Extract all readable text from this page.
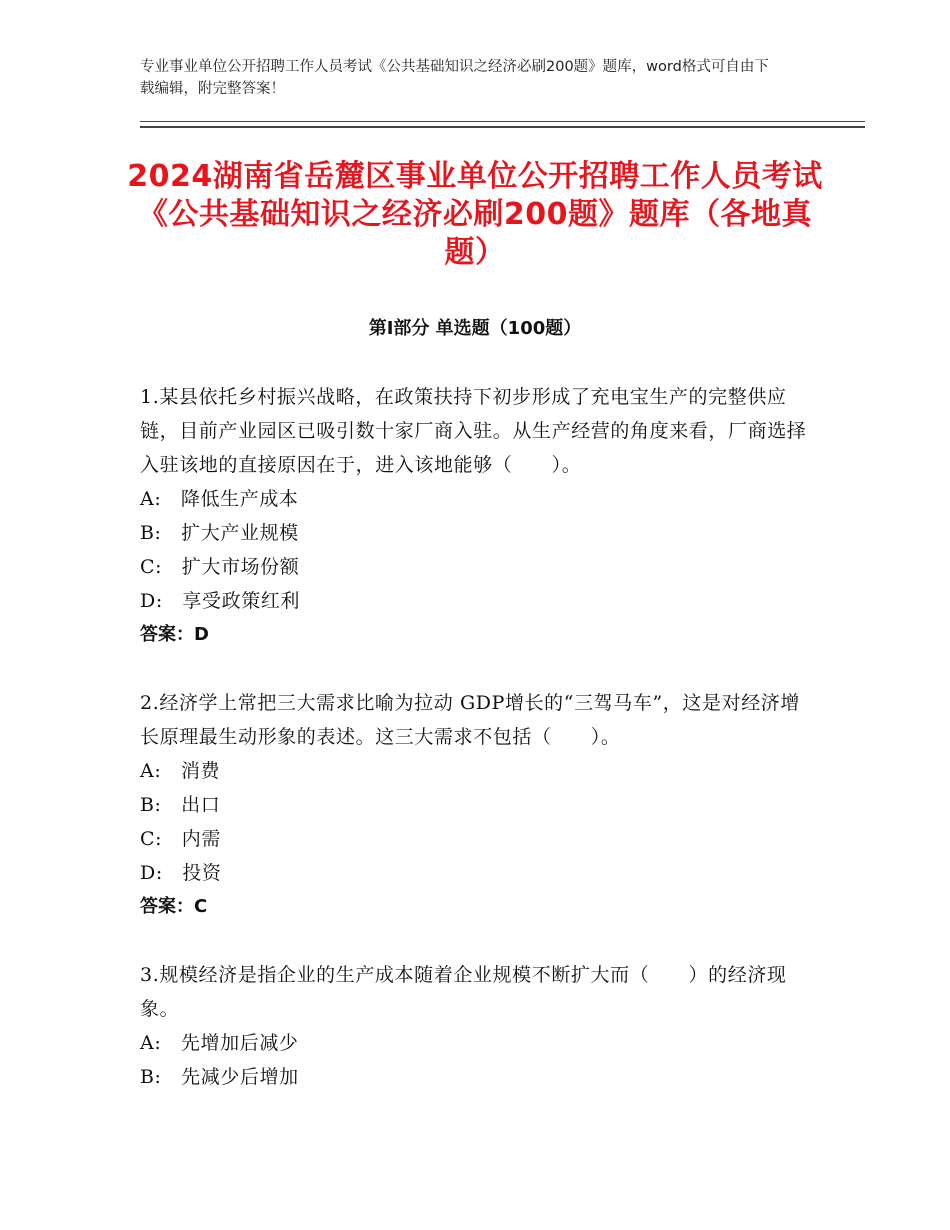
专业事业单位公开招聘工作人员考试《公共基础知识之经济必刷200题》题库，word格式可自由下载编辑，附完整答案！
2024湖南省岳麓区事业单位公开招聘工作人员考试《公共基础知识之经济必刷200题》题库（各地真题）
第Ⅰ部分 单选题（100题）

1.某县依托乡村振兴战略，在政策扶持下初步形成了充电宝生产的完整供应链，目前产业园区已吸引数十家厂商入驻。从生产经营的角度来看，厂商选择入驻该地的直接原因在于，进入该地能够（　　）。

A:　降低生产成本

B:　扩大产业规模

C:　扩大市场份额

D:　享受政策红利

答案：D

2.经济学上常把三大需求比喻为拉动 GDP增长的“三驾马车”，这是对经济增长原理最生动形象的表述。这三大需求不包括（　　）。

A:　消费

B:　出口

C:　内需

D:　投资

答案：C

3.规模经济是指企业的生产成本随着企业规模不断扩大而（　　）的经济现象。

A:　先增加后减少

B:　先减少后增加
